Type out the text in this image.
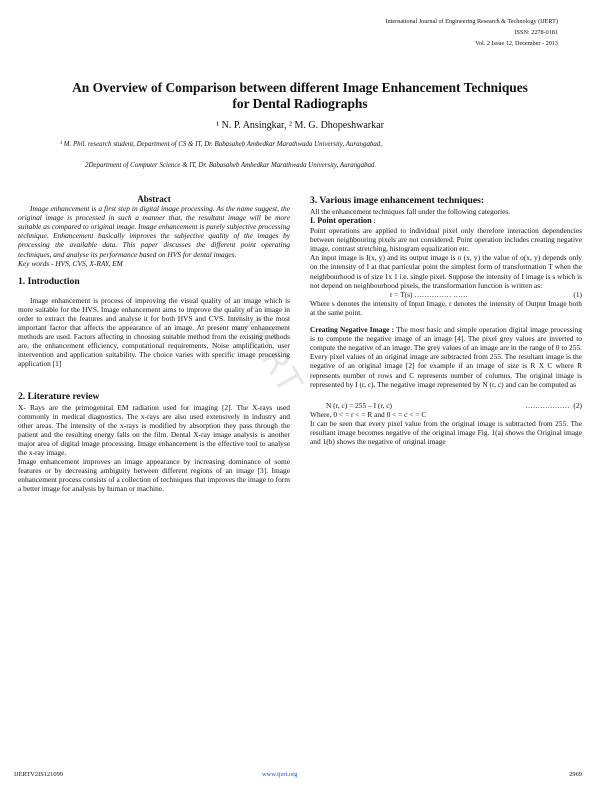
International Journal of Engineering Research & Technology (IJERT)
ISSN: 2278-0181
Vol. 2 Issue 12, December - 2013
An Overview of Comparison between different Image Enhancement Techniques
for Dental Radiographs
¹ N. P. Ansingkar, ² M. G. Dhopeshwarkar
¹ M. Phil. research student, Department of CS & IT, Dr. Babasaheb Ambedkar Marathwada University, Aurangabad,
2Department of Computer Science & IT, Dr. Babasaheb Ambedkar Marathwada University, Aurangabad.
IJERT

Abstract

Image enhancement is a first step in digital image processing. As the name suggest, the original image is processed in such a manner that, the resultant image will be more suitable as compared to original image. Image enhancement is purely subjective processing technique. Enhancement basically improves the subjective quality of the images by processing the available data. This paper discusses the different point operating techniques, and analyse its performance based on HVS for dental images.

Key words - HVS, CVS, X-RAY, EM

1. Introduction

Image enhancement is process of improving the visual quality of an image which is more suitable for the HVS. Image enhancement aims to improve the quality of an image in order to extract the features and analyse it for both HVS and CVS. Intensity is the most important factor that affects the appearance of an image. At present many enhancement methods are used. Factors affecting in choosing suitable method from the existing methods are, the enhancement efficiency, computational requirements, Noise amplification, user intervention and application suitability. The choice varies with specific image processing application [1]

2. Literature review

X- Rays are the primogenital EM radiation used for imaging [2]. The X-rays used commonly in medical diagnostics. The x-rays are also used extensively in industry and other areas. The intensity of the x-rays is modified by absorption they pass through the patient and the resulting energy falls on the film. Dental X-ray image analysis is another major area of digital image processing. Image enhancement is the effective tool to analyse the x-ray image.

Image enhancement improves an image appearance by increasing dominance of some features or by decreasing ambiguity between different regions of an image [3]. Image enhancement process consists of a collection of techniques that improves the image to form a better image for analysis by human or machine.

3. Various image enhancement techniques:

All the enhancement techniques fall under the following categories.

I. Point operation :

Point operations are applied to individual pixel only therefore interaction dependencies between neighbouring pixels are not considered. Point operation includes creating negative image, contrast stretching, histogram equalization etc.

An input image is I(x, y) and its output image is o (x, y) the value of o(x, y) depends only on the intensity of I at that particular point the simplest form of transformation T when the neighbourhood is of size 1x 1 i.e. single pixel. Suppose the intensity of I image is s which is not depend on neighbourhood pixels, the transformation function is written as:

r = T(s) …………… ……	(1)

Where s denotes the intensity of Input Image, r denotes the intensity of Output Image both at the same point.

Creating Negative Image : The most basic and simple operation digital image processing is to compute the negative image of an image [4]. The pixel grey values are inverted to compute the negative of an image. The grey values of an image are in the range of 0 to 255. Every pixel values of an original image are subtracted from 255. The resultant image is the negative of an original image [2] for example if an image of size is R X C where R represents number of rows and C represents number of columns. The original image is represented by I (r, c). The negative image represented by N (r, c) and can be computed as

N (r, c) = 255 – I (r, c)	……………… (2)

Where, 0 < = r < = R and 0 < = c < = C

It can be seen that every pixel value from the original image is subtracted from 255. The resultant image becomes negative of the original image Fig. 1(a) shows the Original image and 1(b) shows the negative of original image

IJERTV2IS121099	www.ijert.org	2969
